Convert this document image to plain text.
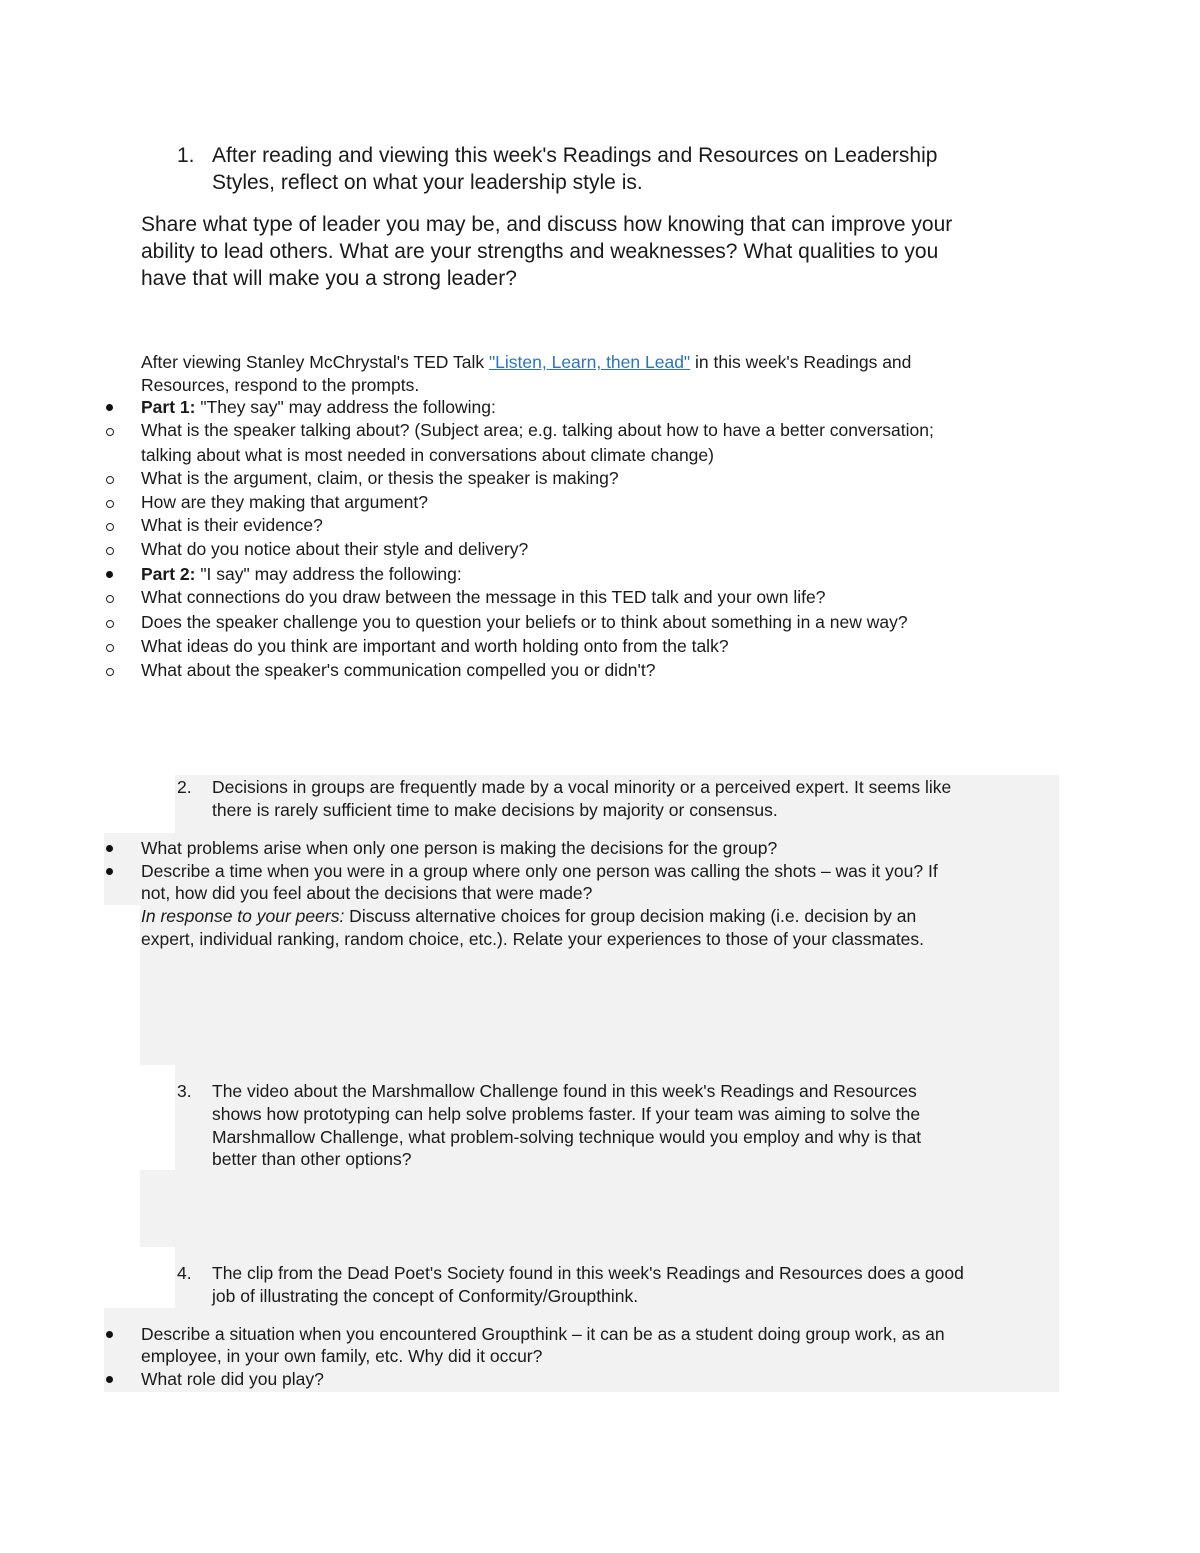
1. After reading and viewing this week's Readings and Resources on Leadership
Styles, reflect on what your leadership style is.
Share what type of leader you may be, and discuss how knowing that can improve your
ability to lead others. What are your strengths and weaknesses? What qualities to you
have that will make you a strong leader?
After viewing Stanley McChrystal's TED Talk "Listen, Learn, then Lead" in this week's Readings and
Resources, respond to the prompts.
Part 1: "They say" may address the following:
What is the speaker talking about? (Subject area; e.g. talking about how to have a better conversation;
talking about what is most needed in conversations about climate change)
What is the argument, claim, or thesis the speaker is making?
How are they making that argument?
What is their evidence?
What do you notice about their style and delivery?
Part 2: "I say" may address the following:
What connections do you draw between the message in this TED talk and your own life?
Does the speaker challenge you to question your beliefs or to think about something in a new way?
What ideas do you think are important and worth holding onto from the talk?
What about the speaker's communication compelled you or didn't?
2. Decisions in groups are frequently made by a vocal minority or a perceived expert. It seems like
there is rarely sufficient time to make decisions by majority or consensus.
What problems arise when only one person is making the decisions for the group?
Describe a time when you were in a group where only one person was calling the shots – was it you? If
not, how did you feel about the decisions that were made?
In response to your peers: Discuss alternative choices for group decision making (i.e. decision by an
expert, individual ranking, random choice, etc.). Relate your experiences to those of your classmates.
3. The video about the Marshmallow Challenge found in this week's Readings and Resources
shows how prototyping can help solve problems faster. If your team was aiming to solve the
Marshmallow Challenge, what problem-solving technique would you employ and why is that
better than other options?
4. The clip from the Dead Poet's Society found in this week's Readings and Resources does a good
job of illustrating the concept of Conformity/Groupthink.
Describe a situation when you encountered Groupthink – it can be as a student doing group work, as an
employee, in your own family, etc. Why did it occur?
What role did you play?
